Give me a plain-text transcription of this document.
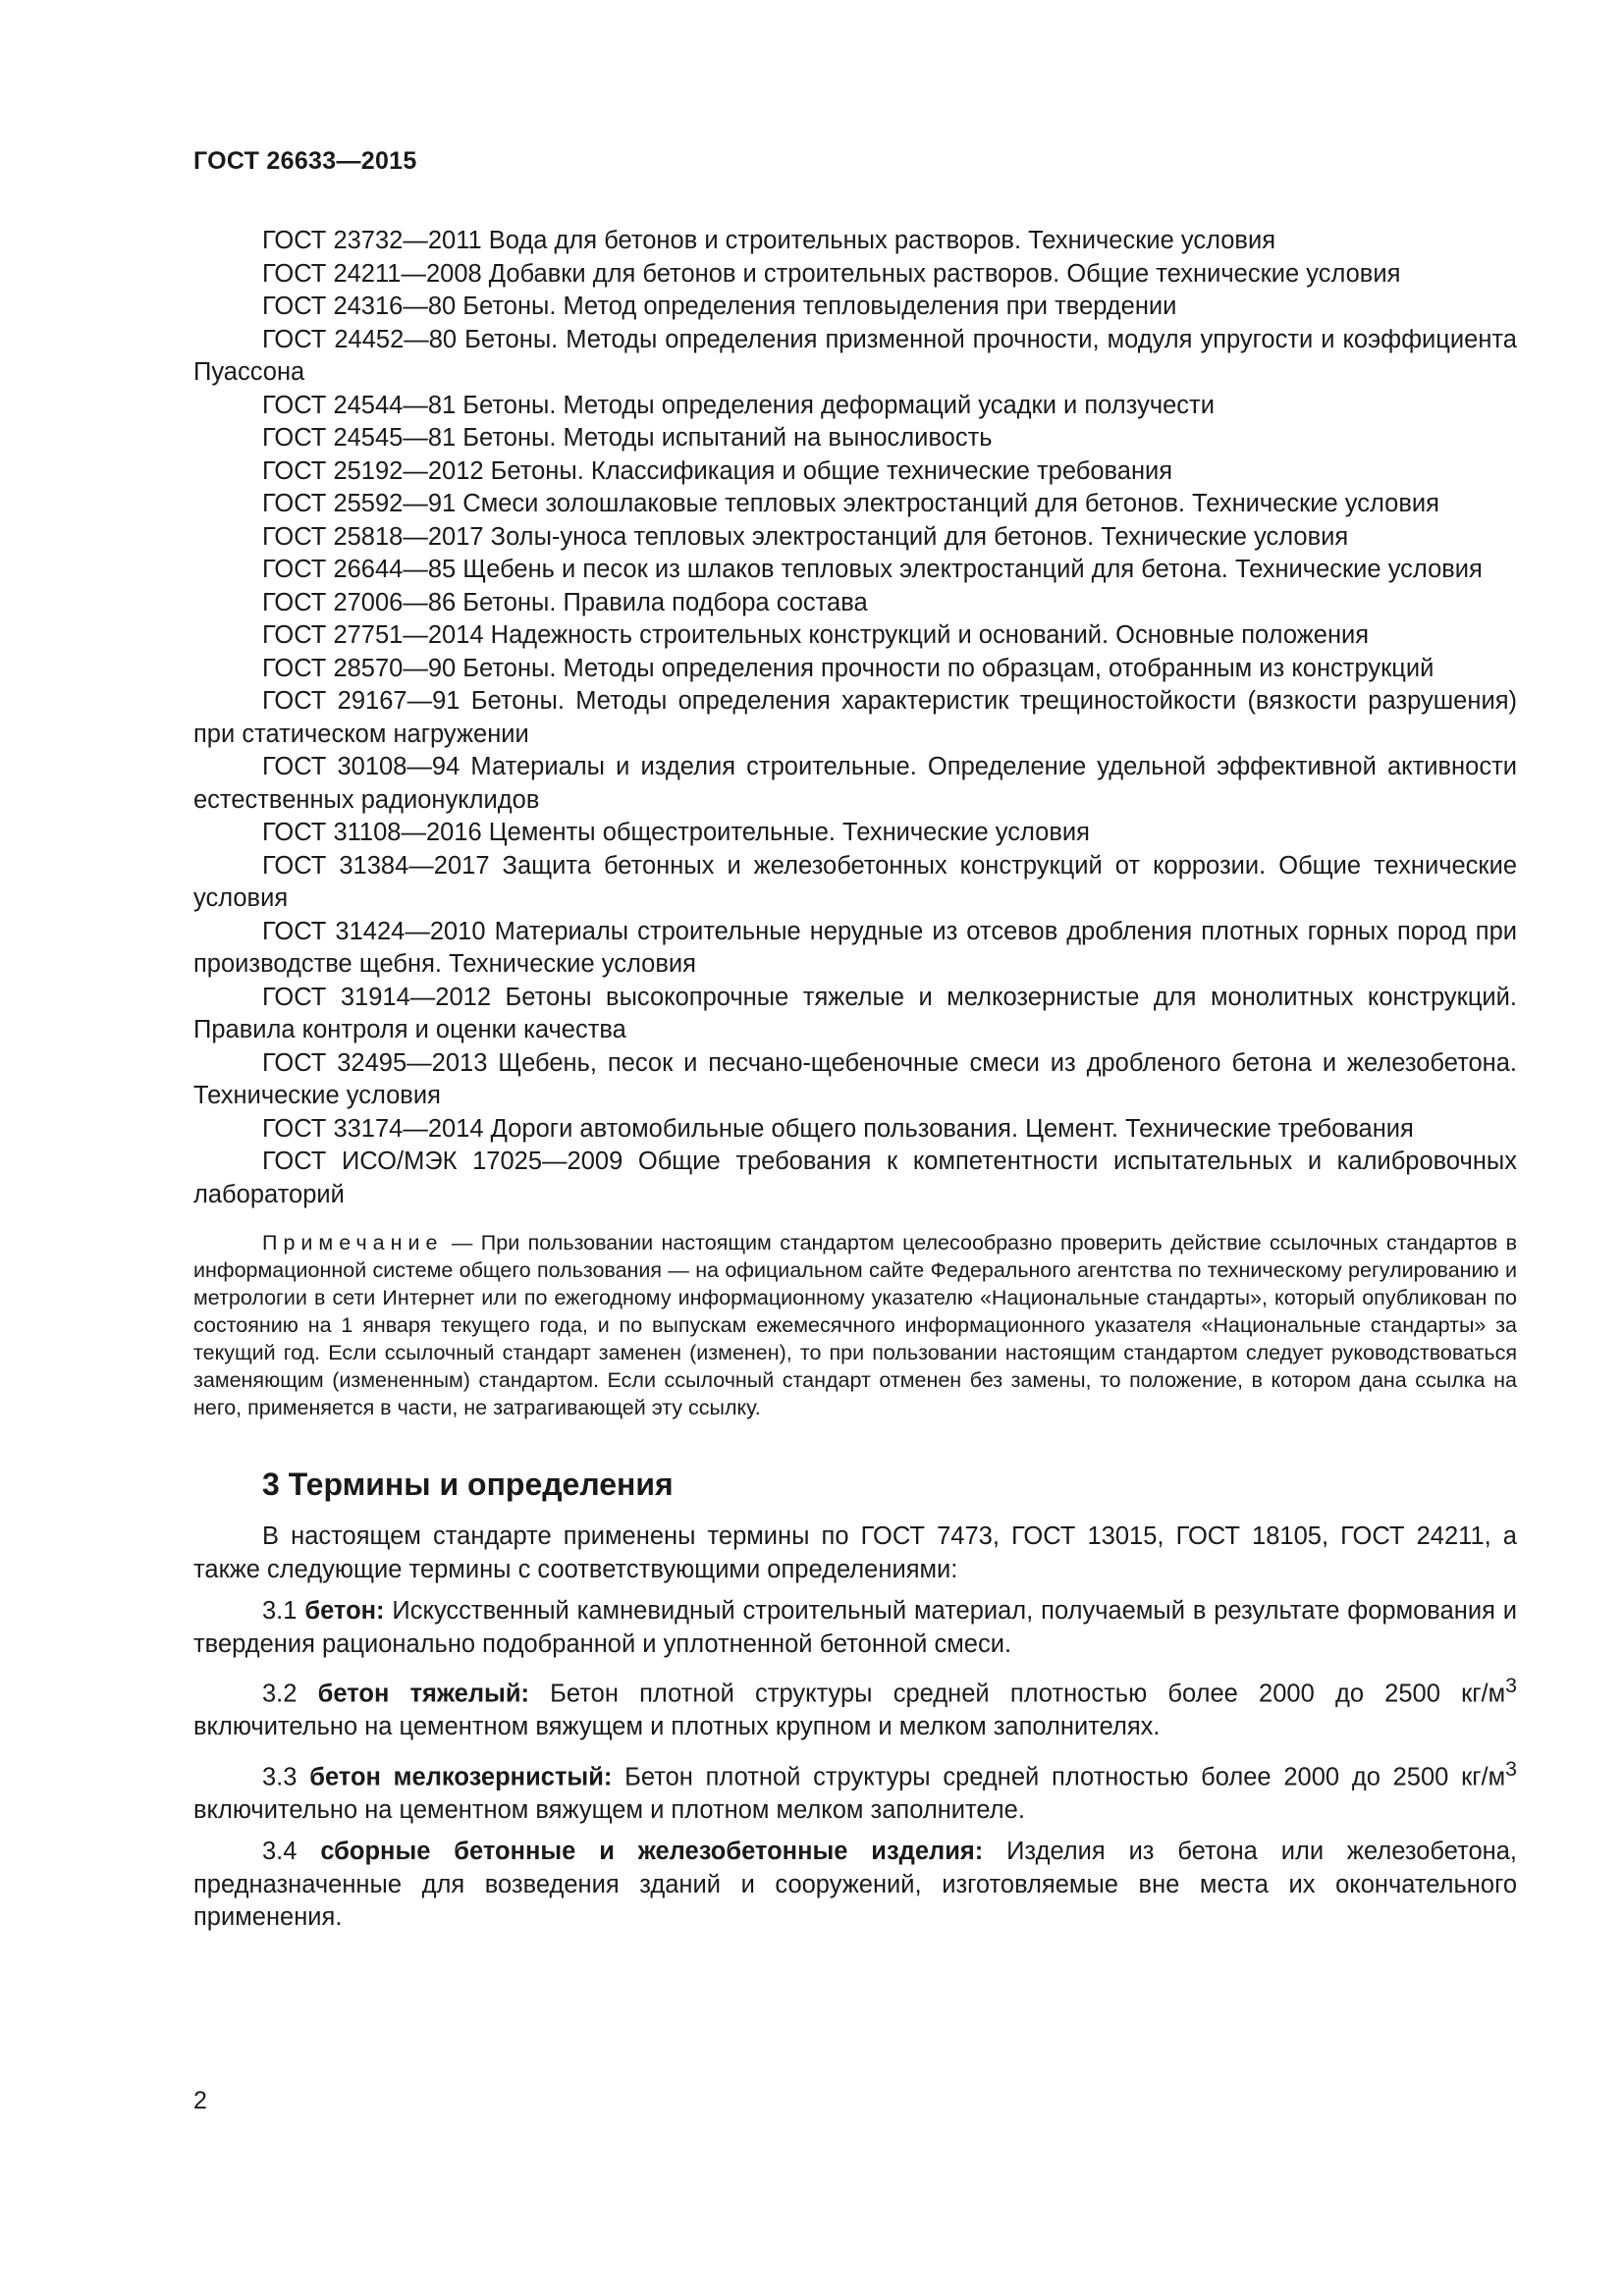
ГОСТ 26633—2015

ГОСТ 23732—2011 Вода для бетонов и строительных растворов. Технические условия

ГОСТ 24211—2008 Добавки для бетонов и строительных растворов. Общие технические условия

ГОСТ 24316—80 Бетоны. Метод определения тепловыделения при твердении

ГОСТ 24452—80 Бетоны. Методы определения призменной прочности, модуля упругости и коэффициента Пуассона

ГОСТ 24544—81 Бетоны. Методы определения деформаций усадки и ползучести

ГОСТ 24545—81 Бетоны. Методы испытаний на выносливость

ГОСТ 25192—2012 Бетоны. Классификация и общие технические требования

ГОСТ 25592—91 Смеси золошлаковые тепловых электростанций для бетонов. Технические условия

ГОСТ 25818—2017 Золы-уноса тепловых электростанций для бетонов. Технические условия

ГОСТ 26644—85 Щебень и песок из шлаков тепловых электростанций для бетона. Технические условия

ГОСТ 27006—86 Бетоны. Правила подбора состава

ГОСТ 27751—2014 Надежность строительных конструкций и оснований. Основные положения

ГОСТ 28570—90 Бетоны. Методы определения прочности по образцам, отобранным из конструкций

ГОСТ 29167—91 Бетоны. Методы определения характеристик трещиностойкости (вязкости разрушения) при статическом нагружении

ГОСТ 30108—94 Материалы и изделия строительные. Определение удельной эффективной активности естественных радионуклидов

ГОСТ 31108—2016 Цементы общестроительные. Технические условия

ГОСТ 31384—2017 Защита бетонных и железобетонных конструкций от коррозии. Общие технические условия

ГОСТ 31424—2010 Материалы строительные нерудные из отсевов дробления плотных горных пород при производстве щебня. Технические условия

ГОСТ 31914—2012 Бетоны высокопрочные тяжелые и мелкозернистые для монолитных конструкций. Правила контроля и оценки качества

ГОСТ 32495—2013 Щебень, песок и песчано-щебеночные смеси из дробленого бетона и железобетона. Технические условия

ГОСТ 33174—2014 Дороги автомобильные общего пользования. Цемент. Технические требования

ГОСТ ИСО/МЭК 17025—2009 Общие требования к компетентности испытательных и калибровочных лабораторий

Примечание — При пользовании настоящим стандартом целесообразно проверить действие ссылочных стандартов в информационной системе общего пользования — на официальном сайте Федерального агентства по техническому регулированию и метрологии в сети Интернет или по ежегодному информационному указателю «Национальные стандарты», который опубликован по состоянию на 1 января текущего года, и по выпускам ежемесячного информационного указателя «Национальные стандарты» за текущий год. Если ссылочный стандарт заменен (изменен), то при пользовании настоящим стандартом следует руководствоваться заменяющим (измененным) стандартом. Если ссылочный стандарт отменен без замены, то положение, в котором дана ссылка на него, применяется в части, не затрагивающей эту ссылку.
3 Термины и определения

В настоящем стандарте применены термины по ГОСТ 7473, ГОСТ 13015, ГОСТ 18105, ГОСТ 24211, а также следующие термины с соответствующими определениями:

3.1 бетон: Искусственный камневидный строительный материал, получаемый в результате формования и твердения рационально подобранной и уплотненной бетонной смеси.

3.2 бетон тяжелый: Бетон плотной структуры средней плотностью более 2000 до 2500 $кг/м^3$ включительно на цементном вяжущем и плотных крупном и мелком заполнителях.

3.3 бетон мелкозернистый: Бетон плотной структуры средней плотностью более 2000 до 2500 $кг/м^3$ включительно на цементном вяжущем и плотном мелком заполнителе.

3.4 сборные бетонные и железобетонные изделия: Изделия из бетона или железобетона, предназначенные для возведения зданий и сооружений, изготовляемые вне места их окончательного применения.

2
